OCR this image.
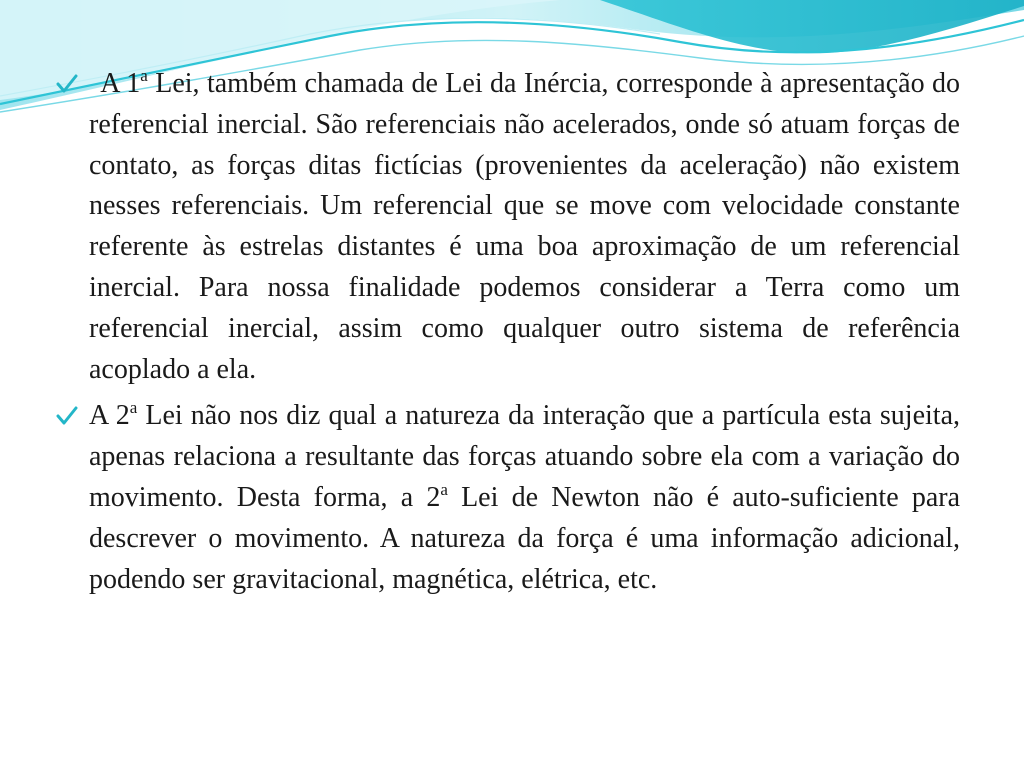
A 1$^a$ Lei, também chamada de Lei da Inércia, corresponde à apresentação do referencial inercial. São referenciais não acelerados, onde só atuam forças de contato, as forças ditas fictícias (provenientes da aceleração) não existem nesses referenciais. Um referencial que se move com velocidade constante referente às estrelas distantes é uma boa aproximação de um referencial inercial. Para nossa finalidade podemos considerar a Terra como um referencial inercial, assim como qualquer outro sistema de referência acoplado a ela.
A 2$^a$ Lei não nos diz qual a natureza da interação que a partícula esta sujeita, apenas relaciona a resultante das forças atuando sobre ela com a variação do movimento. Desta forma, a 2$^a$ Lei de Newton não é auto-suficiente para descrever o movimento. A natureza da força é uma informação adicional, podendo ser gravitacional, magnética, elétrica, etc.
